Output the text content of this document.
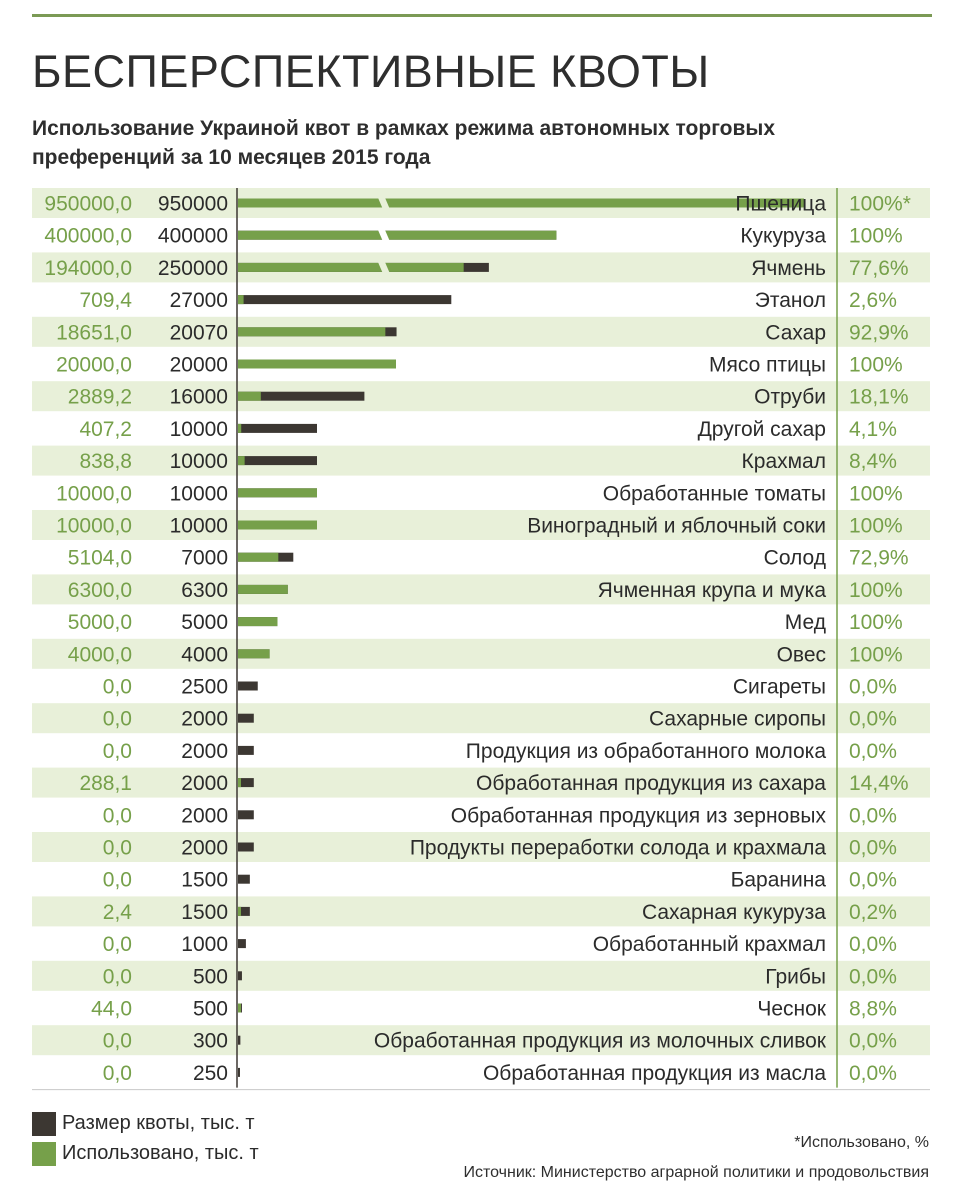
БЕСПЕРСПЕКТИВНЫЕ КВОТЫ
Использование Украиной квот в рамках режима автономных торговых преференций за 10 месяцев 2015 года
950000,0 950000	Пшеница 100%*
400000,0 400000	Кукуруза 100%
194000,0 250000	Ячмень 77,6%
709,4 27000	Этанол 2,6%
18651,0 20070	Сахар 92,9%
20000,0 20000	Мясо птицы 100%
2889,2 16000	Отруби 18,1%
407,2 10000	Другой сахар 4,1%
838,8 10000	Крахмал 8,4%
10000,0 10000	Обработанные томаты 100%
10000,0 10000	Виноградный и яблочный соки 100%
5104,0 7000	Солод 72,9%
6300,0 6300	Ячменная крупа и мука 100%
5000,0 5000	Мед 100%
4000,0 4000	Овес 100%
0,0 2500	Сигареты 0,0%
0,0 2000	Сахарные сиропы 0,0%
0,0 2000	Продукция из обработанного молока 0,0%
288,1 2000	Обработанная продукция из сахара 14,4%
0,0 2000	Обработанная продукция из зерновых 0,0%
0,0 2000	Продукты переработки солода и крахмала 0,0%
0,0 1500	Баранина 0,0%
2,4 1500	Сахарная кукуруза 0,2%
0,0 1000	Обработанный крахмал 0,0%
0,0	500	Грибы 0,0%
44,0	500	Чеснок 8,8%
0,0	300	Обработанная продукция из молочных сливок 0,0%
0,0	250	Обработанная продукция из масла 0,0%
Размер квоты, тыс. т
Использовано, тыс. т	*Использовано, %
Источник: Министерство аграрной политики и продовольствия
